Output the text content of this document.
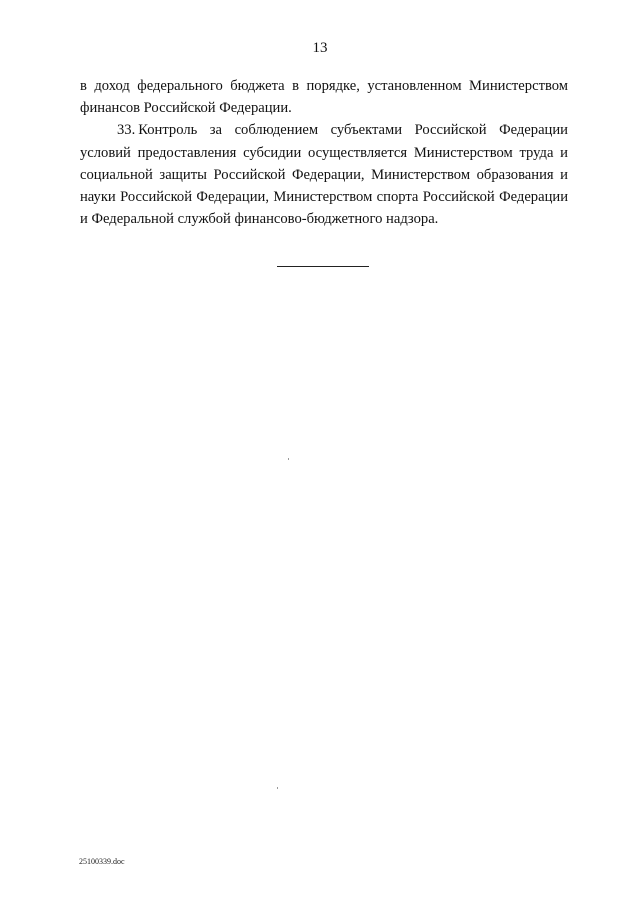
13

в доход федерального бюджета в порядке, установленном Министерством финансов Российской Федерации.

33. Контроль за соблюдением субъектами Российской Федерации условий предоставления субсидии осуществляется Министерством труда и социальной защиты Российской Федерации, Министерством образования и науки Российской Федерации, Министерством спорта Российской Федерации и Федеральной службой финансово-бюджетного надзора.

25100339.doc
